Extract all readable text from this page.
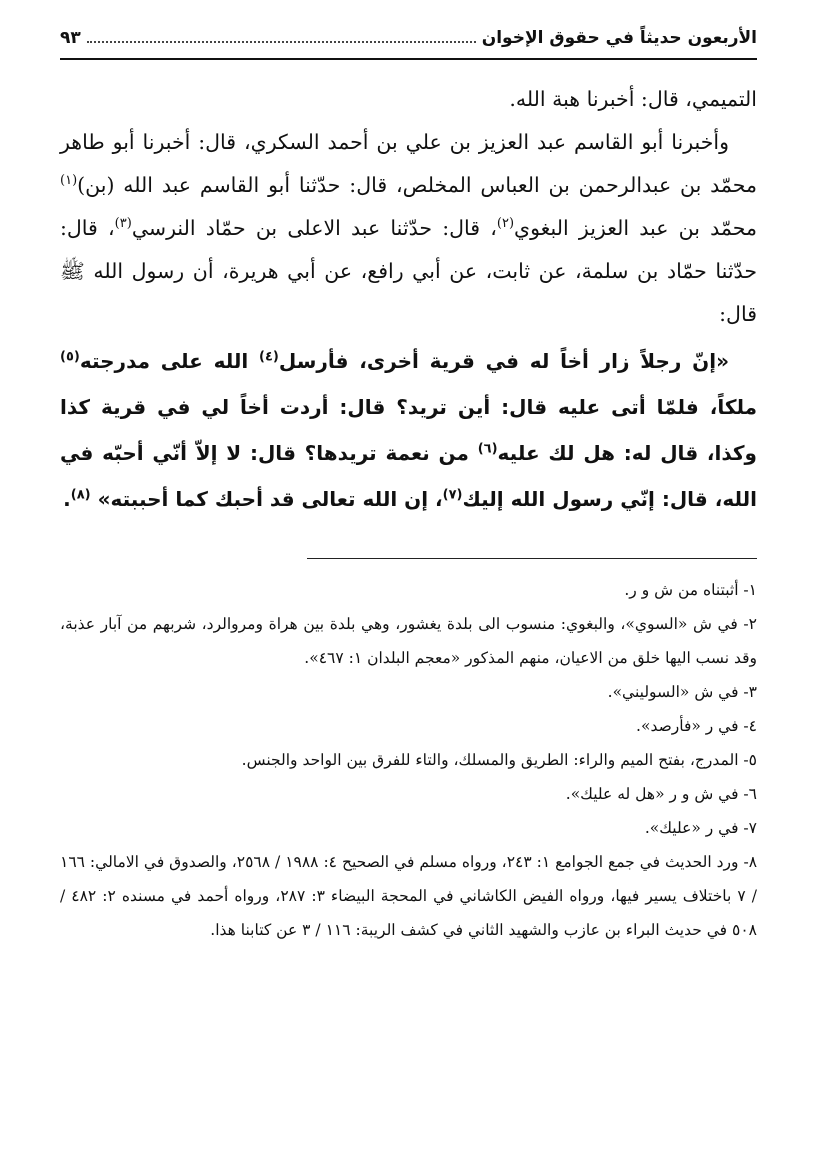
الأربعون حديثاً في حقوق الإخوان
٩٣

التميمي، قال: أخبرنا هبة الله.

وأخبرنا أبو القاسم عبد العزيز بن علي بن أحمد السكري، قال: أخبرنا أبو طاهر محمّد بن عبدالرحمن بن العباس المخلص، قال: حدّثنا أبو القاسم عبد الله (بن)$^{(١)}$ محمّد بن عبد العزيز البغوي$^{(٢)}$، قال: حدّثنا عبد الاعلى بن حمّاد النرسي$^{(٣)}$، قال: حدّثنا حمّاد بن سلمة، عن ثابت، عن أبي رافع، عن أبي هريرة، أن رسول الله ﷺ قال:

«إنّ رجلاً زار أخاً له في قرية أخرى، فأرسل$^{(٤)}$ الله على مدرجته$^{(٥)}$ ملكاً، فلمّا أتى عليه قال: أين تريد؟ قال: أردت أخاً لي في قرية كذا وكذا، قال له: هل لك عليه$^{(٦)}$ من نعمة تريدها؟ قال: لا إلاّ أنّي أحبّه في الله، قال: إنّي رسول الله إليك$^{(٧)}$، إن الله تعالى قد أحبك كما أحببته» $^{(٨)}$.

١- أثبتناه من ش و ر.

٢- في ش «السوي»، والبغوي: منسوب الى بلدة يغشور، وهي بلدة بين هراة ومروالرد، شربهم من آبار عذبة، وقد نسب اليها خلق من الاعيان، منهم المذكور «معجم البلدان ١: ٤٦٧».

٣- في ش «السوليني».

٤- في ر «فأرصد».

٥- المدرج، بفتح الميم والراء: الطريق والمسلك، والتاء للفرق بين الواحد والجنس.

٦- في ش و ر «هل له عليك».

٧- في ر «عليك».

٨- ورد الحديث في جمع الجوامع ١: ٢٤٣، ورواه مسلم في الصحيح ٤: ١٩٨٨ / ٢٥٦٨، والصدوق في الامالي: ١٦٦ / ٧ باختلاف يسير فيها، ورواه الفيض الكاشاني في المحجة البيضاء ٣: ٢٨٧، ورواه أحمد في مسنده ٢: ٤٨٢ / ٥٠٨ في حديث البراء بن عازب والشهيد الثاني في كشف الريبة: ١١٦ / ٣ عن كتابنا هذا.
